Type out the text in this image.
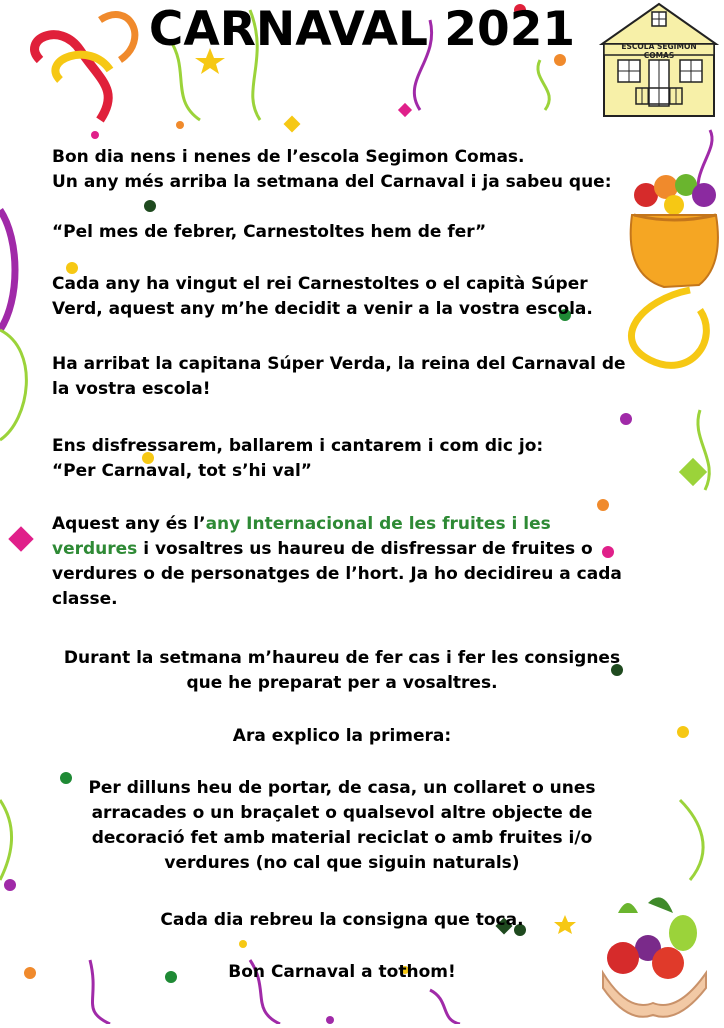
CARNAVAL 2021	ESCOLA SEGIMON COMAS

Bon dia nens i nenes de l’escola Segimon Comas.

Un any més arriba la setmana del Carnaval i ja sabeu que:

“Pel mes de febrer, Carnestoltes hem de fer”

Cada any ha vingut el rei Carnestoltes o el capità Súper Verd, aquest any m’he decidit a venir a la vostra escola.

Ha arribat la capitana Súper Verda, la reina del Carnaval de la vostra escola!

Ens disfressarem, ballarem i cantarem i com dic jo: “Per Carnaval, tot s’hi val”

Aquest any és l’any Internacional de les fruites i les verdures i vosaltres us haureu de disfressar de fruites o verdures o de personatges de l’hort. Ja ho decidireu a cada classe.

Durant la setmana m’haureu de fer cas i fer les consignes que he preparat per a vosaltres.

Ara explico la primera:

Per dilluns heu de portar, de casa, un collaret o unes arracades o un braçalet o qualsevol altre objecte de decoració fet amb material reciclat o amb fruites i/o verdures (no cal que siguin naturals)

Cada dia rebreu la consigna que toca.

Bon Carnaval a tothom!
